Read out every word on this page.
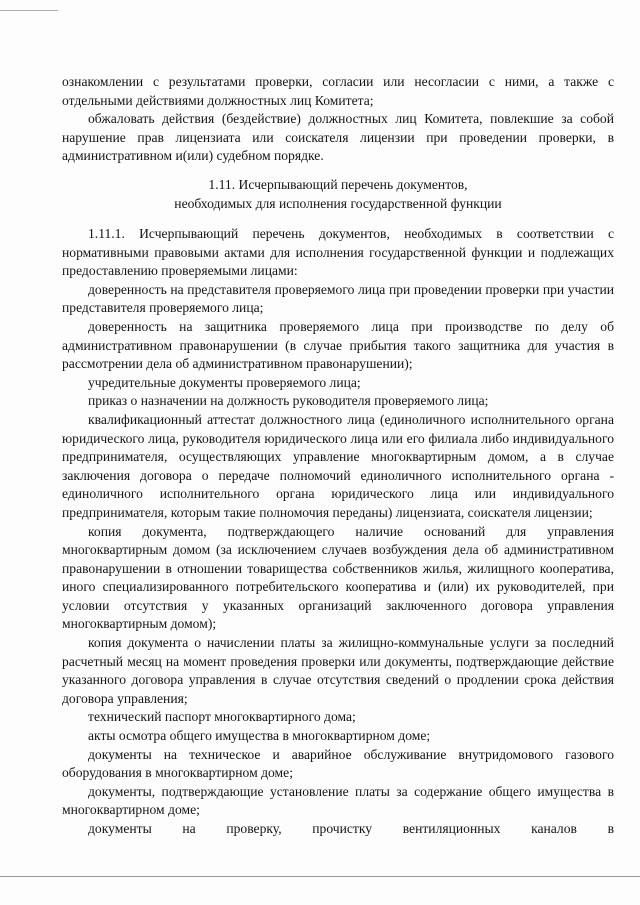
ознакомлении с результатами проверки, согласии или несогласии с ними, а также с отдельными действиями должностных лиц Комитета;

обжаловать действия (бездействие) должностных лиц Комитета, повлекшие за собой нарушение прав лицензиата или соискателя лицензии при проведении проверки, в административном и(или) судебном порядке.

1.11. Исчерпывающий перечень документов,
необходимых для исполнения государственной функции

1.11.1. Исчерпывающий перечень документов, необходимых в соответствии с нормативными правовыми актами для исполнения государственной функции и подлежащих предоставлению проверяемыми лицами:

доверенность на представителя проверяемого лица при проведении проверки при участии представителя проверяемого лица;

доверенность на защитника проверяемого лица при производстве по делу об административном правонарушении (в случае прибытия такого защитника для участия в рассмотрении дела об административном правонарушении);

учредительные документы проверяемого лица;

приказ о назначении на должность руководителя проверяемого лица;

квалификационный аттестат должностного лица (единоличного исполнительного органа юридического лица, руководителя юридического лица или его филиала либо индивидуального предпринимателя, осуществляющих управление многоквартирным домом, а в случае заключения договора о передаче полномочий единоличного исполнительного органа - единоличного исполнительного органа юридического лица или индивидуального предпринимателя, которым такие полномочия переданы) лицензиата, соискателя лицензии;

копия документа, подтверждающего наличие оснований для управления многоквартирным домом (за исключением случаев возбуждения дела об административном правонарушении в отношении товарищества собственников жилья, жилищного кооператива, иного специализированного потребительского кооператива и (или) их руководителей, при условии отсутствия у указанных организаций заключенного договора управления многоквартирным домом);

копия документа о начислении платы за жилищно-коммунальные услуги за последний расчетный месяц на момент проведения проверки или документы, подтверждающие действие указанного договора управления в случае отсутствия сведений о продлении срока действия договора управления;

технический паспорт многоквартирного дома;

акты осмотра общего имущества в многоквартирном доме;

документы на техническое и аварийное обслуживание внутридомового газового оборудования в многоквартирном доме;

документы, подтверждающие установление платы за содержание общего имущества в многоквартирном доме;

документы на проверку, прочистку вентиляционных каналов в
